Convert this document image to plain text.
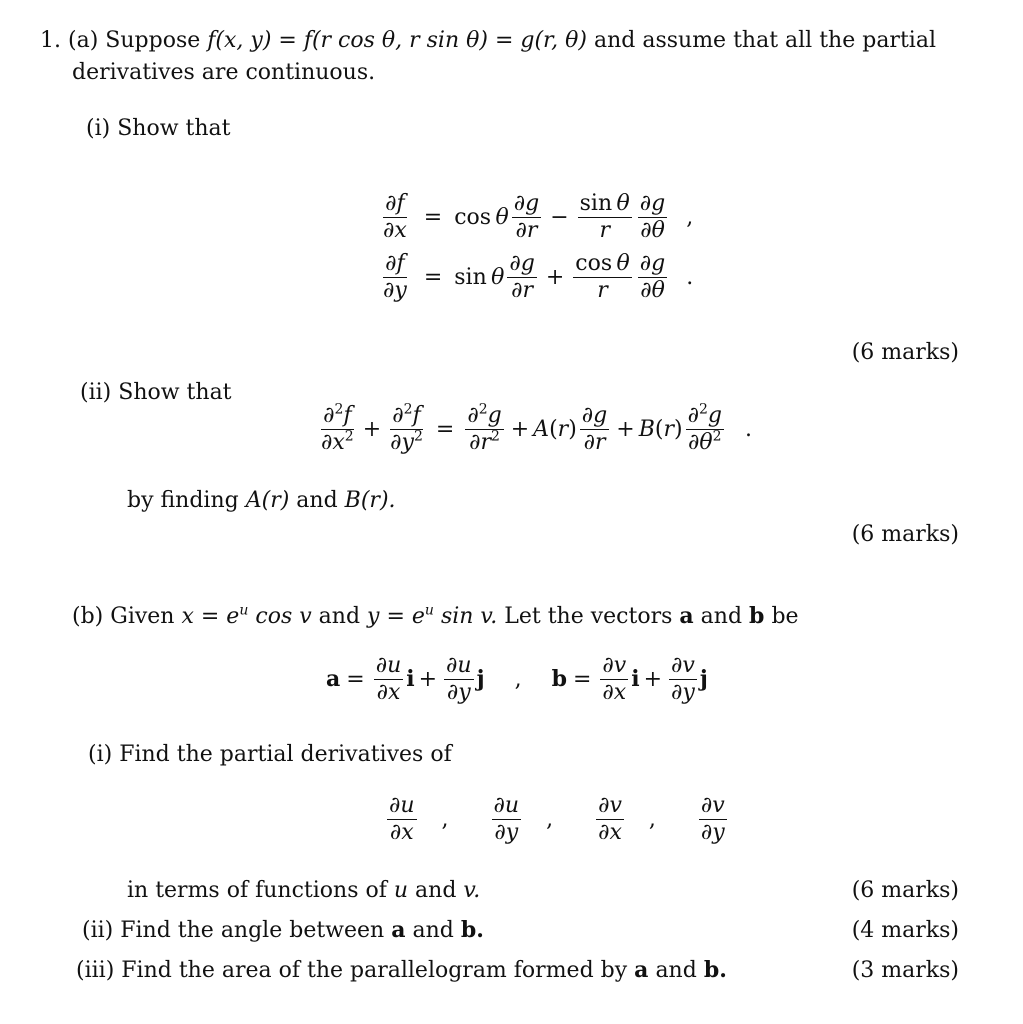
1. (a) Suppose f(x, y) = f(r cos θ, r sin θ) = g(r, θ) and assume that all the partial
derivatives are continuous.
(i) Show that
$\frac{\partial f}{\partial x} = \cos \theta \frac{\partial g}{\partial r} - \frac{\text{sin θ}}{r} \frac{\partial g}{\partial\theta}$ ,
$\frac{\partial f}{\partial y} = \sin \theta \frac{\partial g}{\partial r} + \frac{\text{cos θ}}{r} \frac{\partial g}{\partial\theta}$ .
(6 marks)
(ii) Show that
$\frac{\partial^2f}{\partial x^2} + \frac{\partial^2f}{\partial y^2} = \frac{\partial^2g}{\partial r^2} + A(r) \frac{\partial g}{\partial r} + B(r) \frac{\partial^2g}{\partial\theta^2}$ .
by finding A(r) and B(r).
(6 marks)
(b) Given $x = e^u$ cos v and $y = e^u$ sin v. Let the vectors a and b be
$a = \frac{\partial u}{\partial x}$ $i + \frac{\partial u}{\partial y}$ j , $b = \frac{\partial v}{\partial x}$ $i + \frac{\partial v}{\partial y}$ j
(i) Find the partial derivatives of
$\frac{\partial u}{\partial x}$ , $\frac{\partial u}{\partial y}$ , $\frac{\partial v}{\partial x}$ , $\frac{\partial v}{\partial y}$
in terms of functions of u and v.	(6 marks)
(ii) Find the angle between a and b.	(4 marks)
(iii) Find the area of the parallelogram formed by a and b.	(3 marks)
